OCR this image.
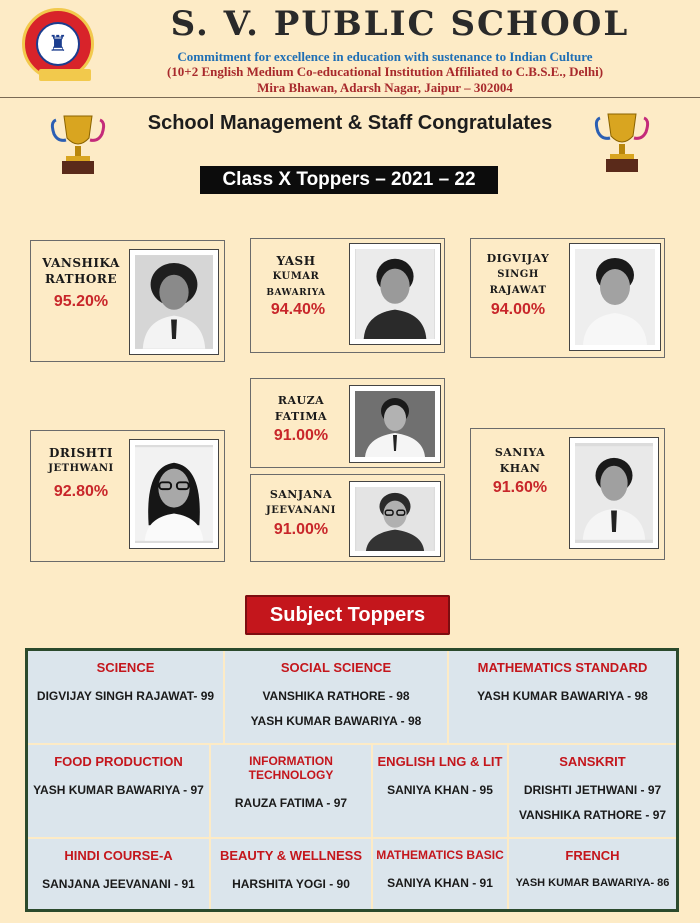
♜	S. V. PUBLIC SCHOOL
Commitment for excellence in education with sustenance to Indian Culture
(10+2 English Medium Co-educational Institution Affiliated to C.B.S.E., Delhi)
Mira Bhawan, Adarsh Nagar, Jaipur – 302004
School Management & Staff Congratulates
Class X Toppers – 2021 – 22
VANSHIKA
RATHORE
95.20%
YASH
KUMAR
BAWARIYA
94.40%
DIGVIJAY
SINGH
RAJAWAT
94.00%
RAUZA
FATIMA
91.00%
DRISHTI
JETHWANI
92.80%	SANJANA
JEEVANANI
91.00%
SANIYA
KHAN
91.60%
Subject Toppers
SCIENCE
DIGVIJAY SINGH RAJAWAT- 99
SOCIAL SCIENCE
VANSHIKA RATHORE - 98
YASH KUMAR BAWARIYA - 98
MATHEMATICS STANDARD
YASH KUMAR BAWARIYA - 98
FOOD PRODUCTION
YASH KUMAR BAWARIYA - 97
INFORMATION TECHNOLOGY
RAUZA FATIMA - 97
ENGLISH LNG & LIT
SANIYA KHAN - 95
SANSKRIT
DRISHTI JETHWANI - 97
VANSHIKA RATHORE - 97
HINDI COURSE-A
SANJANA JEEVANANI - 91
BEAUTY & WELLNESS
HARSHITA YOGI - 90
MATHEMATICS BASIC
SANIYA KHAN - 91
FRENCH
YASH KUMAR BAWARIYA- 86
